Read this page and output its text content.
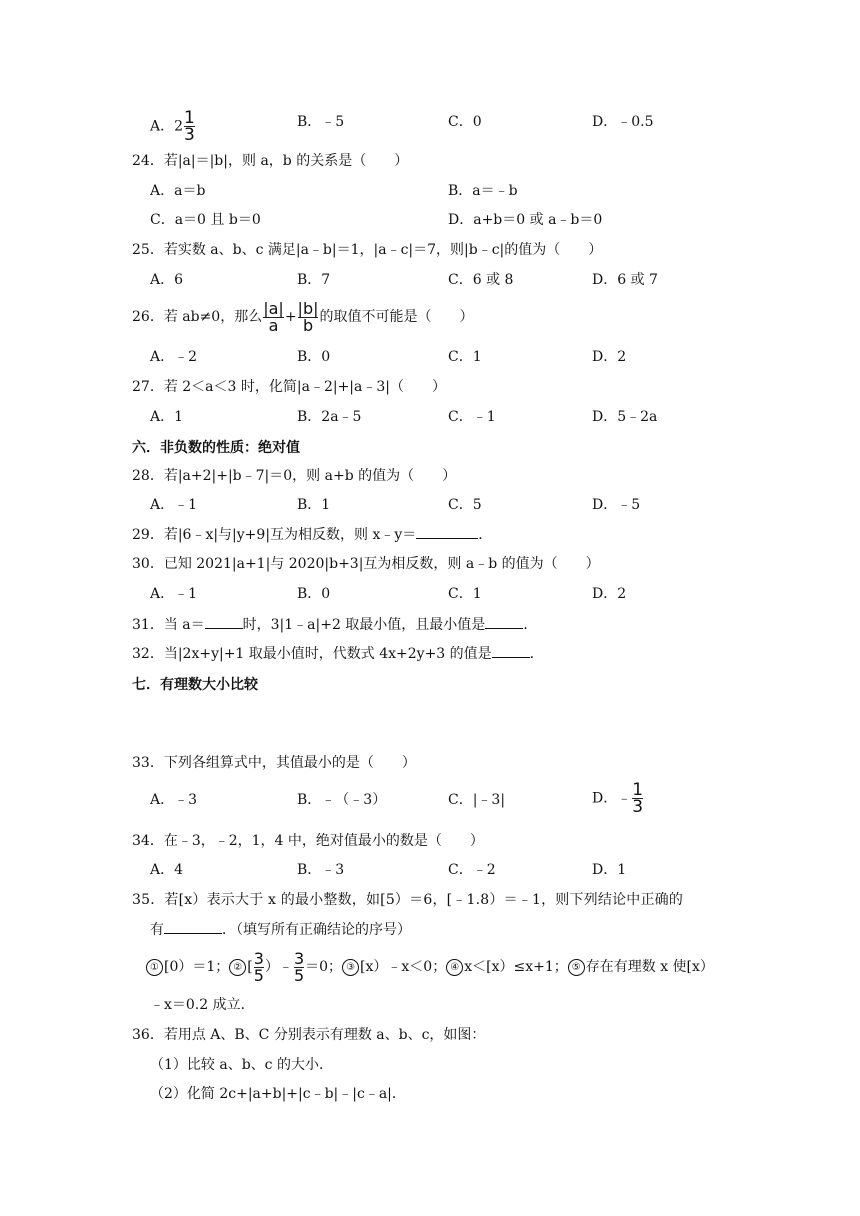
A．$2 \frac{1}{3}$	B．﹣5	C．0	D．﹣0.5
24．若|a|＝|b|，则 a，b 的关系是（　　）
A．a＝b	B．a＝﹣b
C．a＝0 且 b＝0	D．a+b＝0 或 a﹣b＝0
25．若实数 a、b、c 满足|a﹣b|＝1，|a﹣c|＝7，则|b﹣c|的值为（　　）
A．6	B．7	C．6 或 8	D．6 或 7
26．若 ab≠0，那么 $\frac{|a|}{a} + \frac{|b|}{b}$ 的取值不可能是（　　）
A．﹣2	B．0	C．1	D．2
27．若 2＜a＜3 时，化简|a﹣2|+|a﹣3|（　　）
A．1	B．2a﹣5	C．﹣1	D．5﹣2a
六．非负数的性质：绝对值
28．若|a+2|+|b﹣7|＝0，则 a+b 的值为（　　）
A．﹣1	B．1	C．5	D．﹣5
29．若|6﹣x|与|y+9|互为相反数，则 x﹣y＝	．
30．已知 2021|a+1|与 2020|b+3|互为相反数，则 a﹣b 的值为（　　）
A．﹣1	B．0	C．1	D．2
31．当 a＝	时，3|1﹣a|+2 取最小值，且最小值是	．
32．当|2x+y|+1 取最小值时，代数式 4x+2y+3 的值是	．
七．有理数大小比较
33．下列各组算式中，其值最小的是（　　）
A．﹣3	B．﹣（﹣3）	C．|﹣3|	D．﹣ $\frac{1}{3}$
34．在﹣3，﹣2，1，4 中，绝对值最小的数是（　　）
A．4	B．﹣3	C．﹣2	D．1
35．若[x）表示大于 x 的最小整数，如[5）＝6，[﹣1.8）＝﹣1，则下列结论中正确的
有	．（填写所有正确结论的序号）
① [0）＝1； ② [ $\frac{3}{5}$ ）﹣ $\frac{3}{5} =0$； ③ [x）﹣x＜0； ④ x＜[x）≤x+1； ⑤ 存在有理数 x 使[x）
﹣x＝0.2 成立．
36．若用点 A、B、C 分别表示有理数 a、b、c，如图：
（1）比较 a、b、c 的大小．
（2）化简 2c+|a+b|+|c﹣b|﹣|c﹣a|．
